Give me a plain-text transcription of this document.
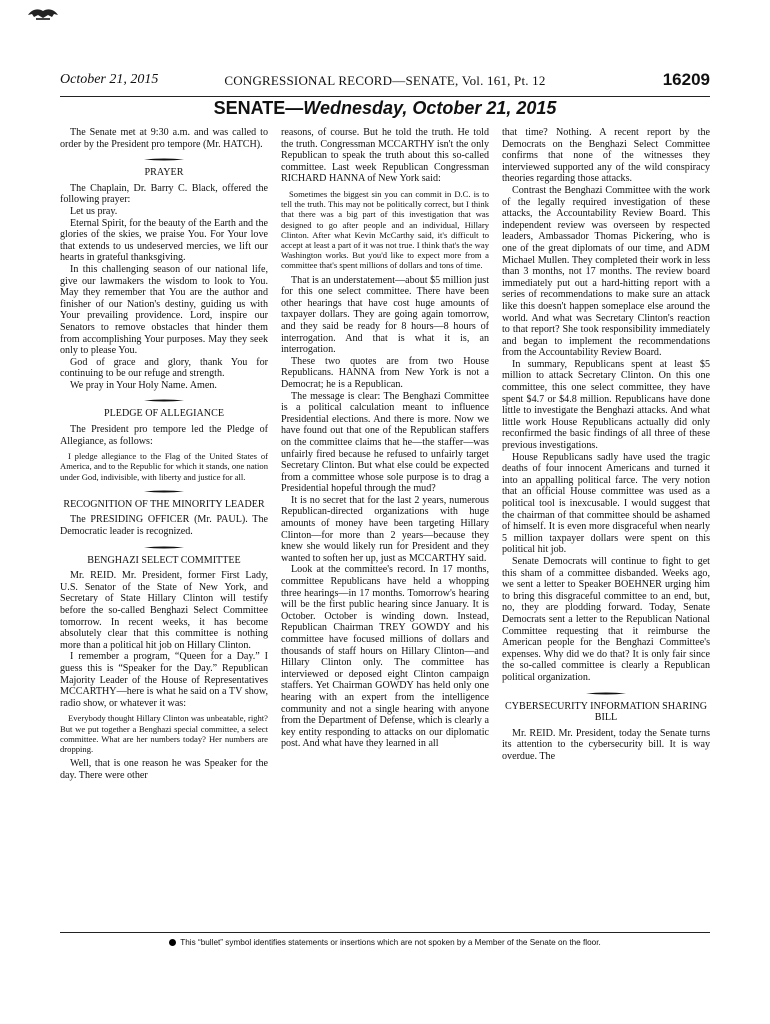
October 21, 2015	CONGRESSIONAL RECORD—SENATE, Vol. 161, Pt. 12	16209
SENATE—Wednesday, October 21, 2015

The Senate met at 9:30 a.m. and was called to order by the President pro tempore (Mr. HATCH).

PRAYER

The Chaplain, Dr. Barry C. Black, offered the following prayer:

Let us pray.

Eternal Spirit, for the beauty of the Earth and the glories of the skies, we praise You. For Your love that extends to us undeserved mercies, we lift our hearts in grateful thanksgiving.

In this challenging season of our national life, give our lawmakers the wisdom to look to You. May they remember that You are the author and finisher of our Nation's destiny, guiding us with Your prevailing providence. Lord, inspire our Senators to remove obstacles that hinder them from accomplishing Your purposes. May they seek only to please You.

God of grace and glory, thank You for continuing to be our refuge and strength.

We pray in Your Holy Name. Amen.

PLEDGE OF ALLEGIANCE

The President pro tempore led the Pledge of Allegiance, as follows:

I pledge allegiance to the Flag of the United States of America, and to the Republic for which it stands, one nation under God, indivisible, with liberty and justice for all.

RECOGNITION OF THE MINORITY LEADER

The PRESIDING OFFICER (Mr. PAUL). The Democratic leader is recognized.

BENGHAZI SELECT COMMITTEE

Mr. REID. Mr. President, former First Lady, U.S. Senator of the State of New York, and Secretary of State Hillary Clinton will testify before the so-called Benghazi Select Committee tomorrow. In recent weeks, it has become absolutely clear that this committee is nothing more than a political hit job on Hillary Clinton.

I remember a program, “Queen for a Day.” I guess this is “Speaker for the Day.” Republican Majority Leader of the House of Representatives MCCARTHY—here is what he said on a TV show, radio show, or whatever it was:

Everybody thought Hillary Clinton was unbeatable, right? But we put together a Benghazi special committee, a select committee. What are her numbers today? Her numbers are dropping.

Well, that is one reason he was Speaker for the day. There were other

reasons, of course. But he told the truth. He told the truth. Congressman MCCARTHY isn't the only Republican to speak the truth about this so-called committee. Last week Republican Congressman RICHARD HANNA of New York said:

Sometimes the biggest sin you can commit in D.C. is to tell the truth. This may not be politically correct, but I think that there was a big part of this investigation that was designed to go after people and an individual, Hillary Clinton. After what Kevin McCarthy said, it's difficult to accept at least a part of it was not true. I think that's the way Washington works. But you'd like to expect more from a committee that's spent millions of dollars and tons of time.

That is an understatement—about $5 million just for this one select committee. There have been other hearings that have cost huge amounts of taxpayer dollars. They are going again tomorrow, and they said be ready for 8 hours—8 hours of interrogation. And that is what it is, an interrogation.

These two quotes are from two House Republicans. HANNA from New York is not a Democrat; he is a Republican.

The message is clear: The Benghazi Committee is a political calculation meant to influence Presidential elections. And there is more. Now we have found out that one of the Republican staffers on the committee claims that he—the staffer—was unfairly fired because he refused to unfairly target Secretary Clinton. But what else could be expected from a committee whose sole purpose is to drag a Presidential hopeful through the mud?

It is no secret that for the last 2 years, numerous Republican-directed organizations with huge amounts of money have been targeting Hillary Clinton—for more than 2 years—because they knew she would likely run for President and they wanted to soften her up, just as MCCARTHY said.

Look at the committee's record. In 17 months, committee Republicans have held a whopping three hearings—in 17 months. Tomorrow's hearing will be the first public hearing since January. It is October. October is winding down. Instead, Republican Chairman TREY GOWDY and his committee have focused millions of dollars and thousands of staff hours on Hillary Clinton—and Hillary Clinton only. The committee has interviewed or deposed eight Clinton campaign staffers. Yet Chairman GOWDY has held only one hearing with an expert from the intelligence community and not a single hearing with anyone from the Department of Defense, which is clearly a key entity responding to attacks on our diplomatic post. And what have they learned in all

that time? Nothing. A recent report by the Democrats on the Benghazi Select Committee confirms that none of the witnesses they interviewed supported any of the wild conspiracy theories regarding those attacks.

Contrast the Benghazi Committee with the work of the legally required investigation of these attacks, the Accountability Review Board. This independent review was overseen by respected leaders, Ambassador Thomas Pickering, who is one of the great diplomats of our time, and ADM Michael Mullen. They completed their work in less than 3 months, not 17 months. The review board immediately put out a hard-hitting report with a series of recommendations to make sure an attack like this doesn't happen someplace else around the world. And what was Secretary Clinton's reaction to that report? She took responsibility immediately and began to implement the recommendations from the Accountability Review Board.

In summary, Republicans spent at least $5 million to attack Secretary Clinton. On this one committee, this one select committee, they have spent $4.7 or $4.8 million. Republicans have done little to investigate the Benghazi attacks. And what little work House Republicans actually did only reconfirmed the basic findings of all three of these previous investigations.

House Republicans sadly have used the tragic deaths of four innocent Americans and turned it into an appalling political farce. The very notion that an official House committee was used as a political tool is inexcusable. I would suggest that the chairman of that committee should be ashamed of himself. It is even more disgraceful when nearly 5 million taxpayer dollars were spent on this political hit job.

Senate Democrats will continue to fight to get this sham of a committee disbanded. Weeks ago, we sent a letter to Speaker BOEHNER urging him to bring this disgraceful committee to an end, but, no, they are plodding forward. Today, Senate Democrats sent a letter to the Republican National Committee requesting that it reimburse the American people for the Benghazi Committee's expenses. Why did we do that? It is only fair since the so-called committee is clearly a Republican political organization.

CYBERSECURITY INFORMATION SHARING BILL

Mr. REID. Mr. President, today the Senate turns its attention to the cybersecurity bill. It is way overdue. The

This “bullet” symbol identifies statements or insertions which are not spoken by a Member of the Senate on the floor.
